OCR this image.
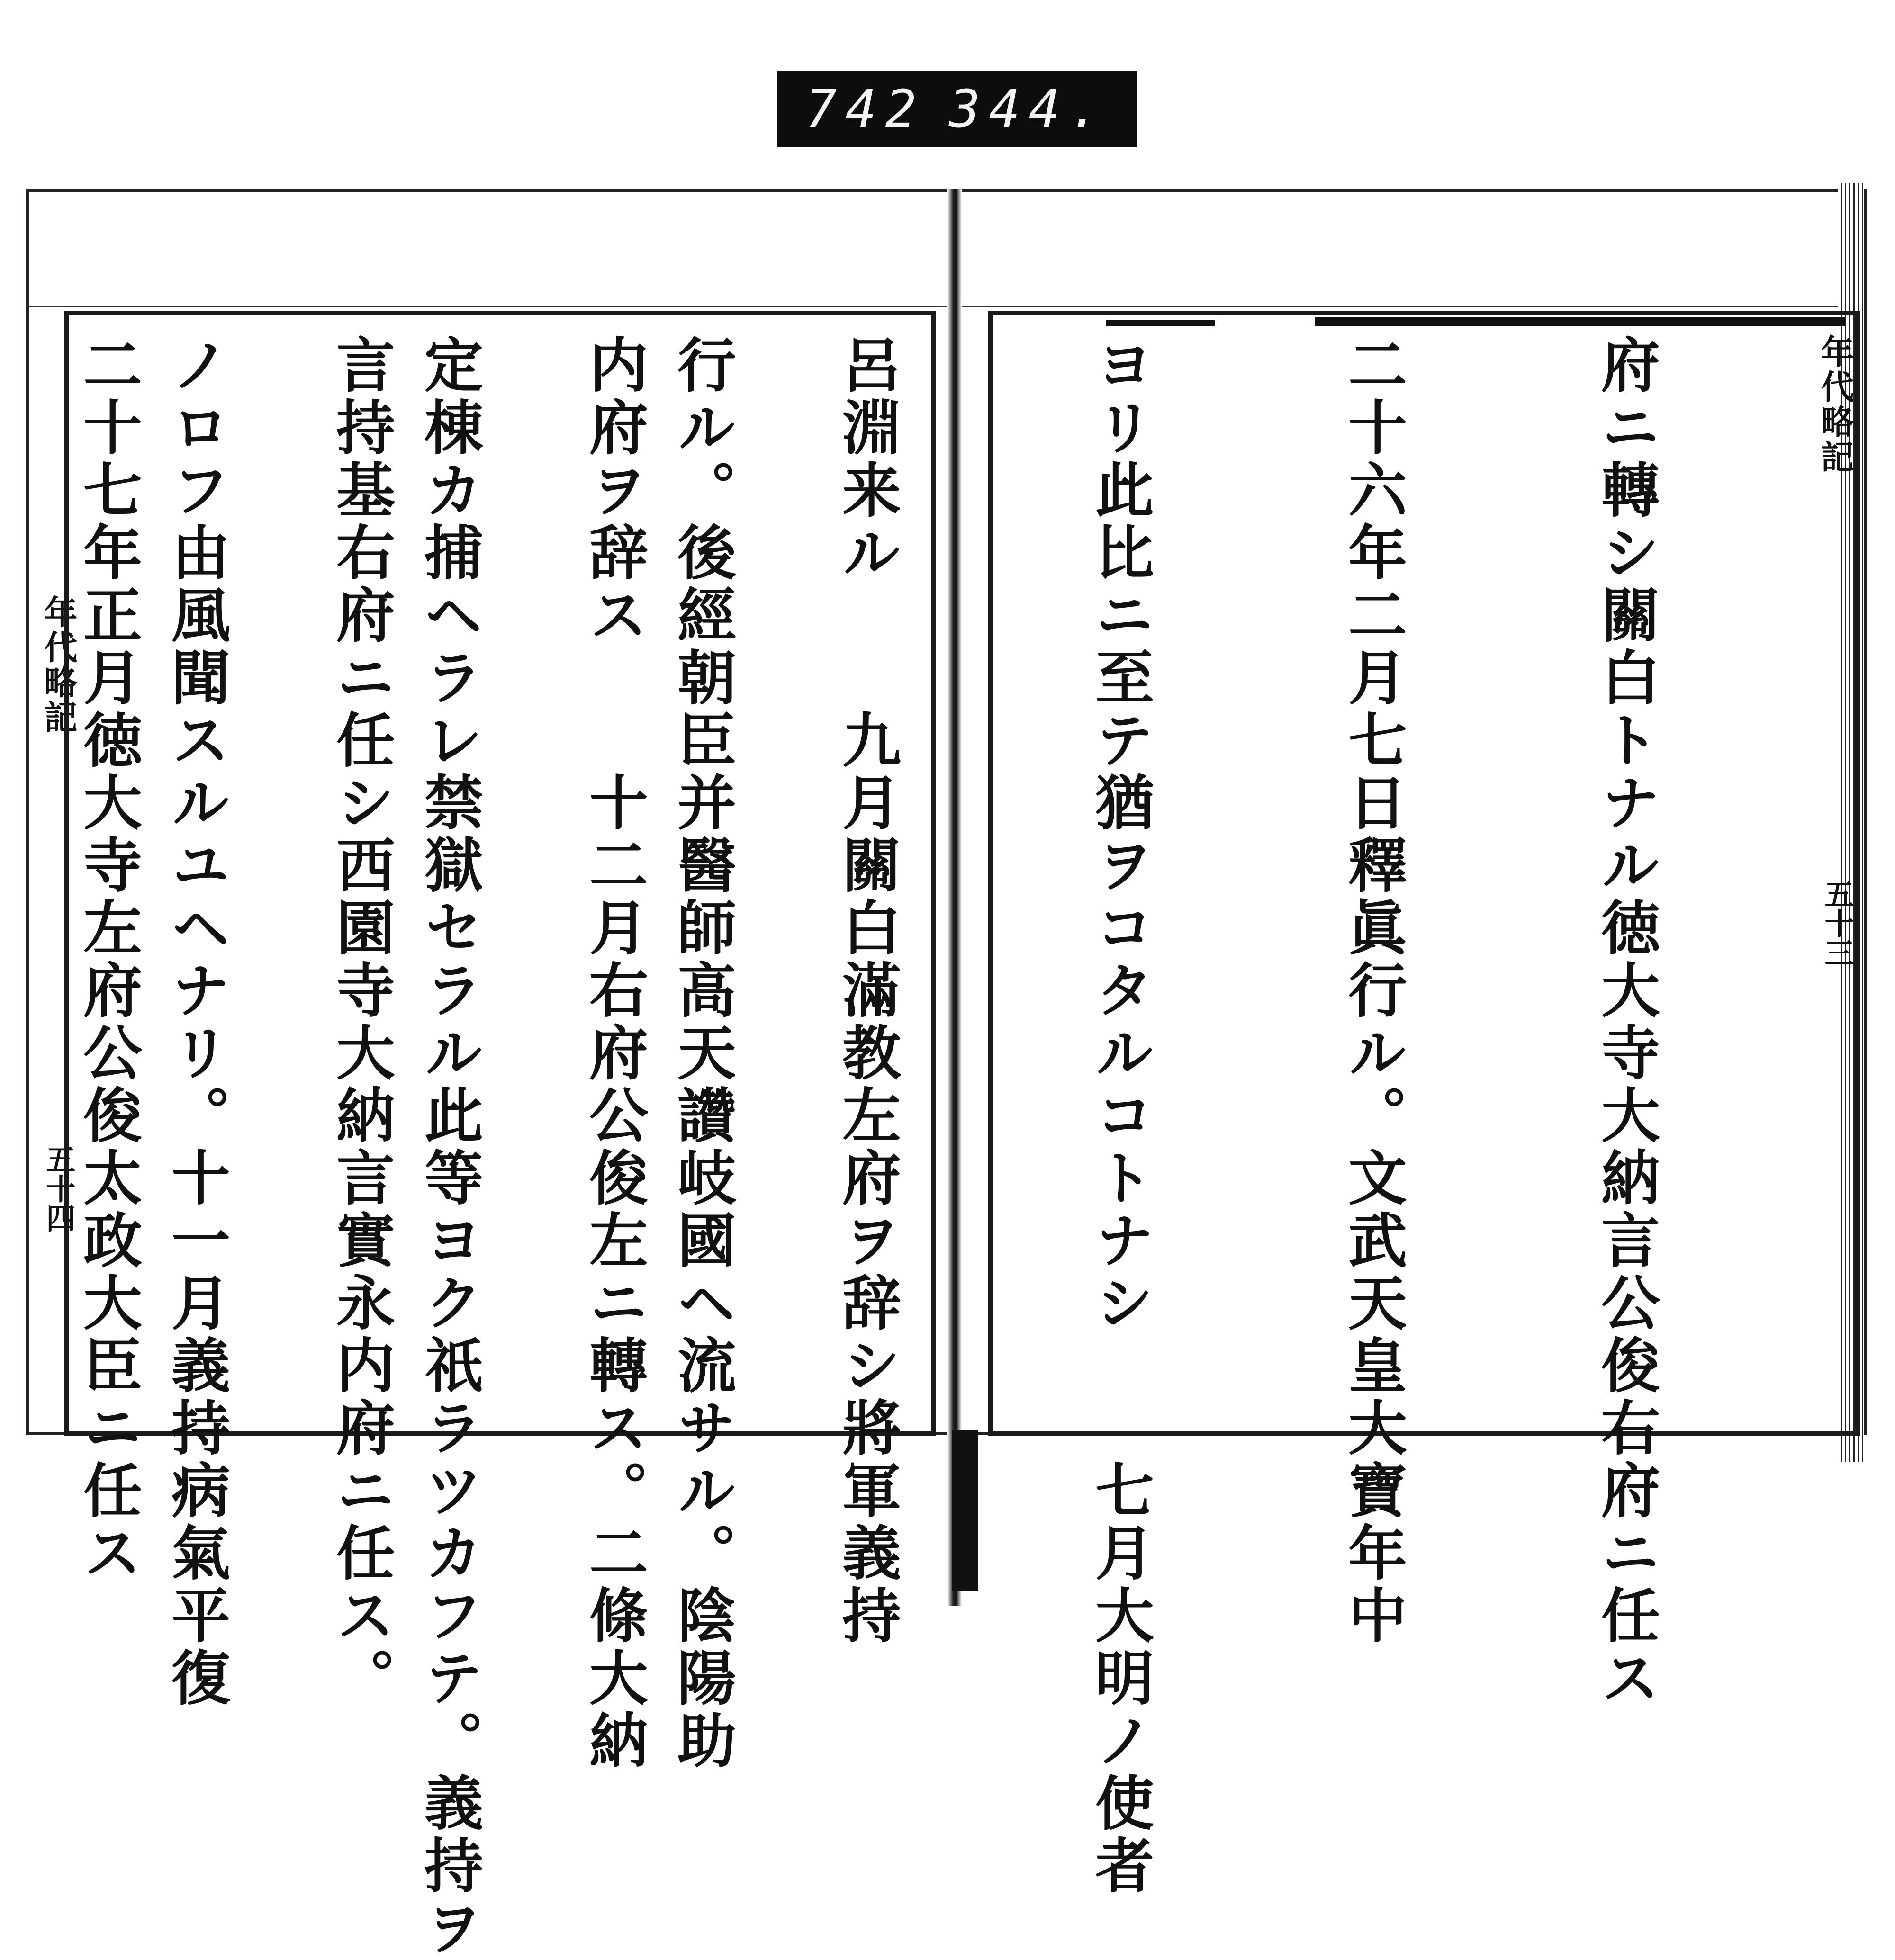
742 344.
年代略記
五十四

	行ル。後經朝臣并醫師高天讚岐國ヘ流サル。陰陽助

定棟カ捕ヘラレ禁獄セラル此等ヨク祇ラツカフテ。義持ヲ

ノロフ由風聞スルユヘナリ。十一月義持病氣平復

	年代略記
五十三

府ニ轉シ關白トナル徳大寺大納言公俊右府ニ任ス

二十六年二月七日釋眞行ル。文武天皇大寶年中

ヨリ此比ニ至テ猶ヲコタルコトナシ　　七月大明ノ使者

呂淵来ル　　九月關白滿教左府ヲ辞シ將軍義持

内府ヲ辞ス　　十二月右府公俊左ニ轉ス。二條大納

言持基右府ニ任シ西園寺大納言實永内府ニ任ス。

二十七年正月徳大寺左府公俊太政大臣ニ任ス
